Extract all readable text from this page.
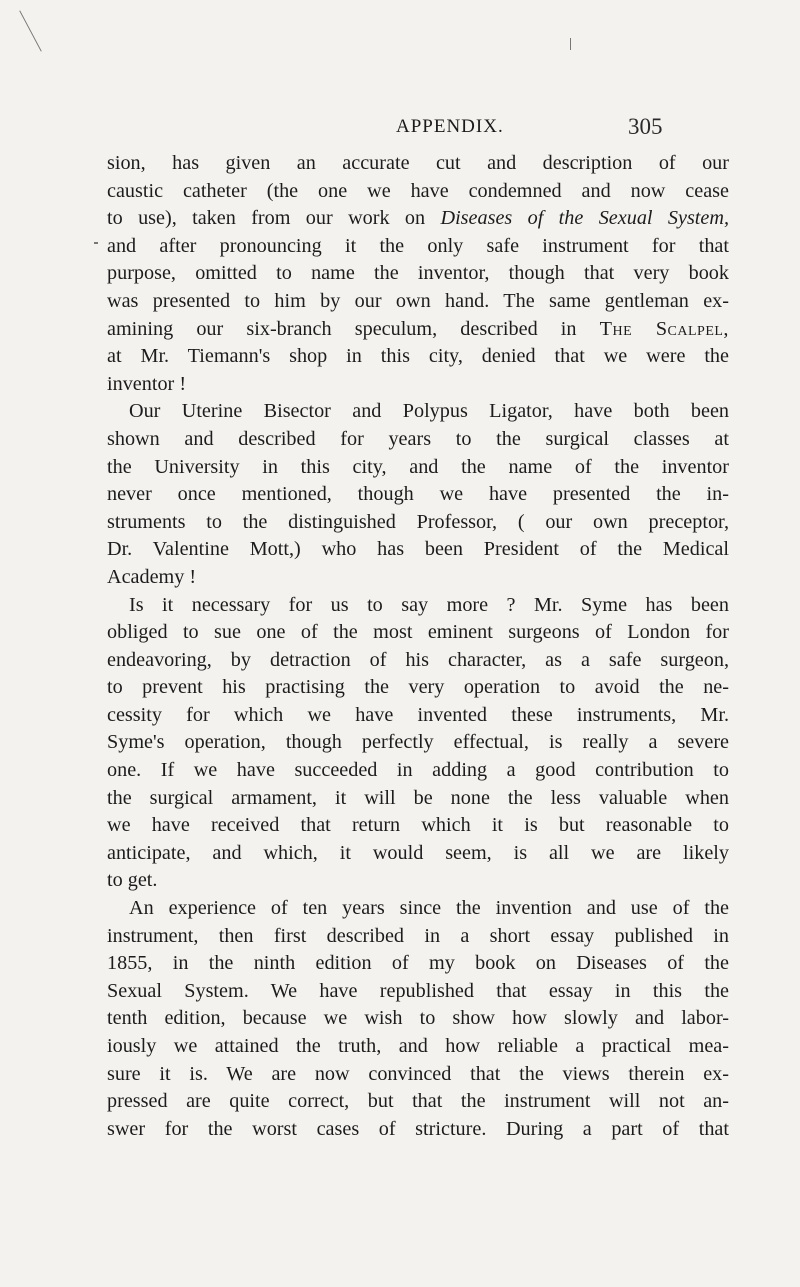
APPENDIX.	305
sion, has given an accurate cut and description of our
caustic catheter (the one we have condemned and now cease
to use), taken from our work on Diseases of the Sexual System,
and after pronouncing it the only safe instrument for that
purpose, omitted to name the inventor, though that very book
was presented to him by our own hand. The same gentleman ex-
amining our six-branch speculum, described in The Scalpel,
at Mr. Tiemann's shop in this city, denied that we were the
inventor !
Our Uterine Bisector and Polypus Ligator, have both been
shown and described for years to the surgical classes at
the University in this city, and the name of the inventor
never once mentioned, though we have presented the in-
struments to the distinguished Professor, ( our own preceptor,
Dr. Valentine Mott,) who has been President of the Medical
Academy !
Is it necessary for us to say more ? Mr. Syme has been
obliged to sue one of the most eminent surgeons of London for
endeavoring, by detraction of his character, as a safe surgeon,
to prevent his practising the very operation to avoid the ne-
cessity for which we have invented these instruments, Mr.
Syme's operation, though perfectly effectual, is really a severe
one. If we have succeeded in adding a good contribution to
the surgical armament, it will be none the less valuable when
we have received that return which it is but reasonable to
anticipate, and which, it would seem, is all we are likely
to get.
An experience of ten years since the invention and use of the
instrument, then first described in a short essay published in
1855, in the ninth edition of my book on Diseases of the
Sexual System. We have republished that essay in this the
tenth edition, because we wish to show how slowly and labor-
iously we attained the truth, and how reliable a practical mea-
sure it is. We are now convinced that the views therein ex-
pressed are quite correct, but that the instrument will not an-
swer for the worst cases of stricture. During a part of that
